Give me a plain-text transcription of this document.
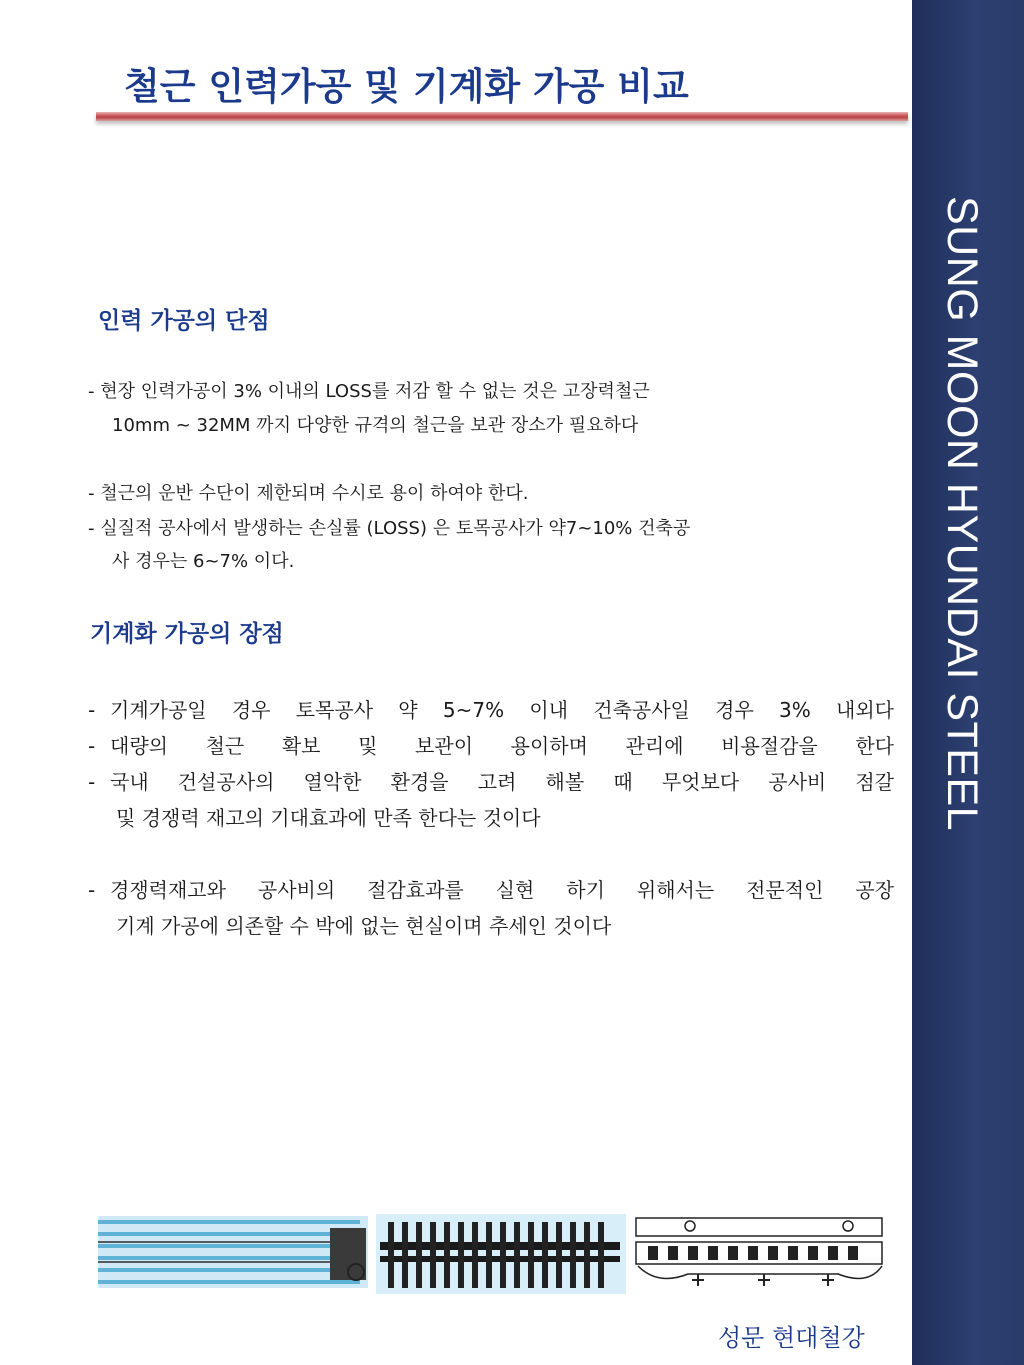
SUNG MOON HYUNDAI STEEL
철근 인력가공 및 기계화 가공 비교
인력 가공의 단점
- 현장 인력가공이 3% 이내의 LOSS를 저감 할 수 없는 것은 고장력철근
10mm ~ 32MM 까지 다양한 규격의 철근을 보관 장소가 필요하다
- 철근의 운반 수단이 제한되며 수시로 용이 하여야 한다.
- 실질적 공사에서 발생하는 손실률 (LOSS) 은 토목공사가 약7~10% 건축공
사 경우는 6~7% 이다.
기계화 가공의 장점
- 기계가공일 경우 토목공사 약 5~7% 이내 건축공사일 경우 3% 내외다
- 대량의 철근 확보 및 보관이 용이하며 관리에 비용절감을 한다
- 국내 건설공사의 열악한 환경을 고려 해볼 때 무엇보다 공사비 점갈
및 경쟁력 재고의 기대효과에 만족 한다는 것이다
- 경쟁력재고와 공사비의 절감효과를 실현 하기 위해서는 전문적인 공장
기계 가공에 의존할 수 박에 없는 현실이며 추세인 것이다
성문 현대철강
